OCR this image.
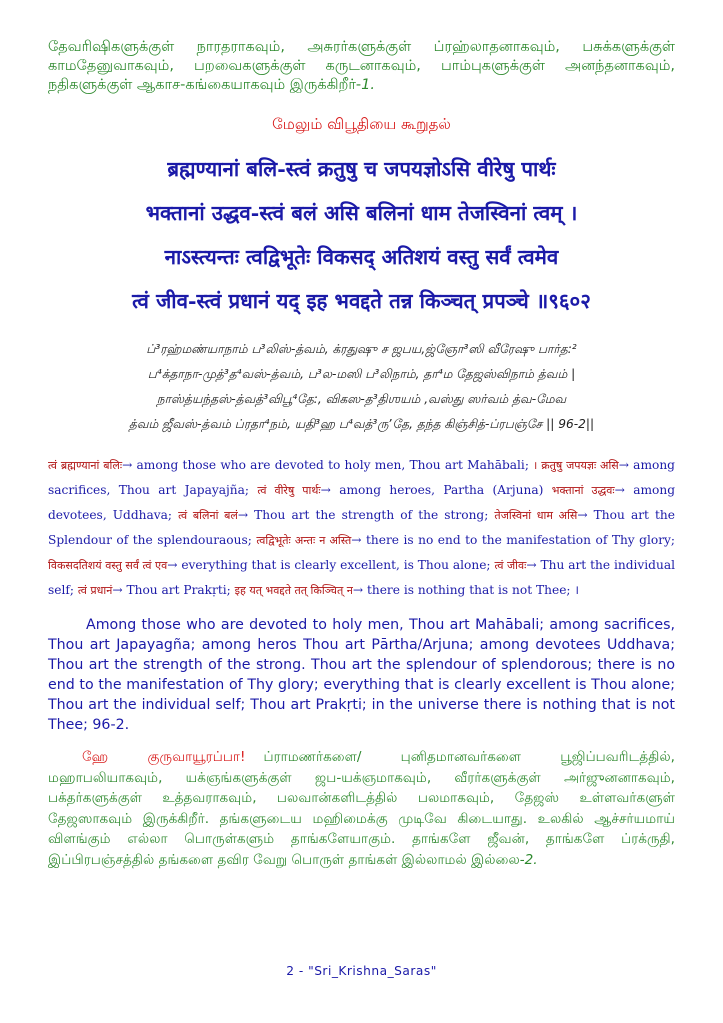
தேவரிஷிகளுக்குள் நாரதராகவும், அசுரர்களுக்குள் ப்ரஹ்லாதனாகவும், பசுக்களுக்குள் காமதேனுவாகவும், பறவைகளுக்குள் கருடனாகவும், பாம்புகளுக்குள் அனந்தனாகவும், நதிகளுக்குள் ஆகாச-கங்கையாகவும் இருக்கிறீர்-1.

மேலும் விபூதியை கூறுதல்
ब्रह्मण्यानां बलि-स्त्वं क्रतुषु च जपयज्ञोऽसि वीरेषु पार्थः
भक्तानां उद्धव-स्त्वं बलं असि बलिनां धाम तेजस्विनां त्वम् ।
नाऽस्त्यन्तः त्वद्विभूतेः विकसद् अतिशयं वस्तु सर्वं त्वमेव
त्वं जीव-स्त्वं प्रधानं यद् इह भवद्दते तन्न किञ्चत् प्रपञ्चे ॥९६०२
ப்³ரஹ்மண்யாநாம் ப³லிஸ்-த்வம், க்ரதுஷு ச ஜபய,ஜ்ஞோ³ஸி வீரேஷு பார்த:²
ப⁴க்தாநா-முத்³த⁴வஸ்-த்வம், ப³ல-மஸி ப³லிநாம், தா⁴ம தேஜஸ்விநாம் த்வம் |
நாஸ்த்யந்தஸ்-த்வத்³விபூ⁴தே:, விகஸ-த³திஶயம் ,வஸ்து ஸர்வம் த்வ-மேவ
த்வம் ஜீவஸ்-த்வம் ப்ரதா⁴நம், யதி³ஹ ப⁴வத்³ருʼதே, தந்த கிஞ்சித்-ப்ரபஞ்சே || 96-2||

त्वं ब्रह्मण्यानां बलिः→ among those who are devoted to holy men, Thou art Mahābali; । क्रतुषु जपयज्ञः असि→ among sacrifices, Thou art Japayajña; त्वं वीरेषु पार्थः→ among heroes, Partha (Arjuna) भक्तानां उद्धवः→ among devotees, Uddhava; त्वं बलिनां बलं→ Thou art the strength of the strong; तेजस्विनां धाम असि→ Thou art the Splendour of the splendouraous; त्वद्विभूतेः अन्तः न अस्ति→ there is no end to the manifestation of Thy glory; विकसदतिशयं वस्तु सर्वं त्वं एव→ everything that is clearly excellent, is Thou alone; त्वं जीवः→ Thu art the individual self; त्वं प्रधानं→ Thou art Prakṛti; इह यत् भवद्दते तत् किञ्चित् न→ there is nothing that is not Thee; ।

Among those who are devoted to holy men, Thou art Mahābali; among sacrifices, Thou art Japayagña; among heros Thou art Pārtha/Arjuna; among devotees Uddhava; Thou art the strength of the strong. Thou art the splendour of splendorous; there is no end to the manifestation of Thy glory; everything that is clearly excellent is Thou alone; Thou art the individual self; Thou art Prakṛti; in the universe there is nothing that is not Thee; 96-2.

ஹே குருவாயூரப்பா! ப்ராமணர்களை/ புனிதமானவர்களை பூஜிப்பவரிடத்தில், மஹாபலியாகவும், யக்ஞங்களுக்குள் ஜப-யக்ஞமாகவும், வீரர்களுக்குள் அர்ஜுனனாகவும், பக்தர்களுக்குள் உத்தவராகவும், பலவான்களிடத்தில் பலமாகவும், தேஜஸ் உள்ளவர்களுள் தேஜஸாகவும் இருக்கிறீர். தங்களுடைய மஹிமைக்கு முடிவே கிடையாது. உலகில் ஆச்சர்யமாய் விளங்கும் எல்லா பொருள்களும் தாங்களேயாகும். தாங்களே ஜீவன், தாங்களே ப்ரக்ருதி, இப்பிரபஞ்சத்தில் தங்களை தவிர வேறு பொருள் தாங்கள் இல்லாமல் இல்லை-2.

2 - "Sri_Krishna_Saras"
